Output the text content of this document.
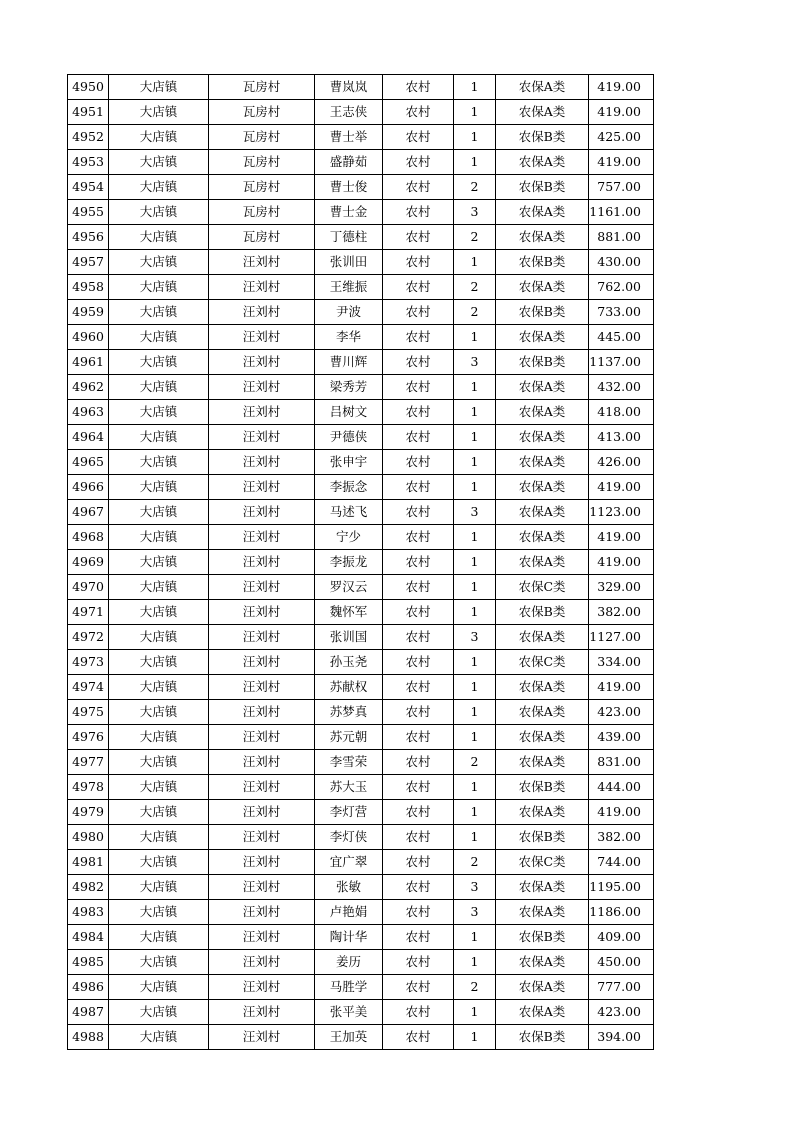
4950	大店镇	瓦房村	曹岚岚	农村	1	农保A类	419.00
4951	大店镇	瓦房村	王志侠	农村	1	农保A类	419.00
4952	大店镇	瓦房村	曹士举	农村	1	农保B类	425.00
4953	大店镇	瓦房村	盛静茹	农村	1	农保A类	419.00
4954	大店镇	瓦房村	曹士俊	农村	2	农保B类	757.00
4955	大店镇	瓦房村	曹士金	农村	3	农保A类	1161.00
4956	大店镇	瓦房村	丁德柱	农村	2	农保A类	881.00
4957	大店镇	汪刘村	张训田	农村	1	农保B类	430.00
4958	大店镇	汪刘村	王维振	农村	2	农保A类	762.00
4959	大店镇	汪刘村	尹波	农村	2	农保B类	733.00
4960	大店镇	汪刘村	李华	农村	1	农保A类	445.00
4961	大店镇	汪刘村	曹川辉	农村	3	农保B类	1137.00
4962	大店镇	汪刘村	梁秀芳	农村	1	农保A类	432.00
4963	大店镇	汪刘村	吕树文	农村	1	农保A类	418.00
4964	大店镇	汪刘村	尹德侠	农村	1	农保A类	413.00
4965	大店镇	汪刘村	张申宇	农村	1	农保A类	426.00
4966	大店镇	汪刘村	李振念	农村	1	农保A类	419.00
4967	大店镇	汪刘村	马述飞	农村	3	农保A类	1123.00
4968	大店镇	汪刘村	宁少	农村	1	农保A类	419.00
4969	大店镇	汪刘村	李振龙	农村	1	农保A类	419.00
4970	大店镇	汪刘村	罗汉云	农村	1	农保C类	329.00
4971	大店镇	汪刘村	魏怀军	农村	1	农保B类	382.00
4972	大店镇	汪刘村	张训国	农村	3	农保A类	1127.00
4973	大店镇	汪刘村	孙玉尧	农村	1	农保C类	334.00
4974	大店镇	汪刘村	苏献权	农村	1	农保A类	419.00
4975	大店镇	汪刘村	苏梦真	农村	1	农保A类	423.00
4976	大店镇	汪刘村	苏元朝	农村	1	农保A类	439.00
4977	大店镇	汪刘村	李雪荣	农村	2	农保A类	831.00
4978	大店镇	汪刘村	苏大玉	农村	1	农保B类	444.00
4979	大店镇	汪刘村	李灯营	农村	1	农保A类	419.00
4980	大店镇	汪刘村	李灯侠	农村	1	农保B类	382.00
4981	大店镇	汪刘村	宜广翠	农村	2	农保C类	744.00
4982	大店镇	汪刘村	张敏	农村	3	农保A类	1195.00
4983	大店镇	汪刘村	卢艳娟	农村	3	农保A类	1186.00
4984	大店镇	汪刘村	陶计华	农村	1	农保B类	409.00
4985	大店镇	汪刘村	姜历	农村	1	农保A类	450.00
4986	大店镇	汪刘村	马胜学	农村	2	农保A类	777.00
4987	大店镇	汪刘村	张平美	农村	1	农保A类	423.00
4988	大店镇	汪刘村	王加英	农村	1	农保B类	394.00
